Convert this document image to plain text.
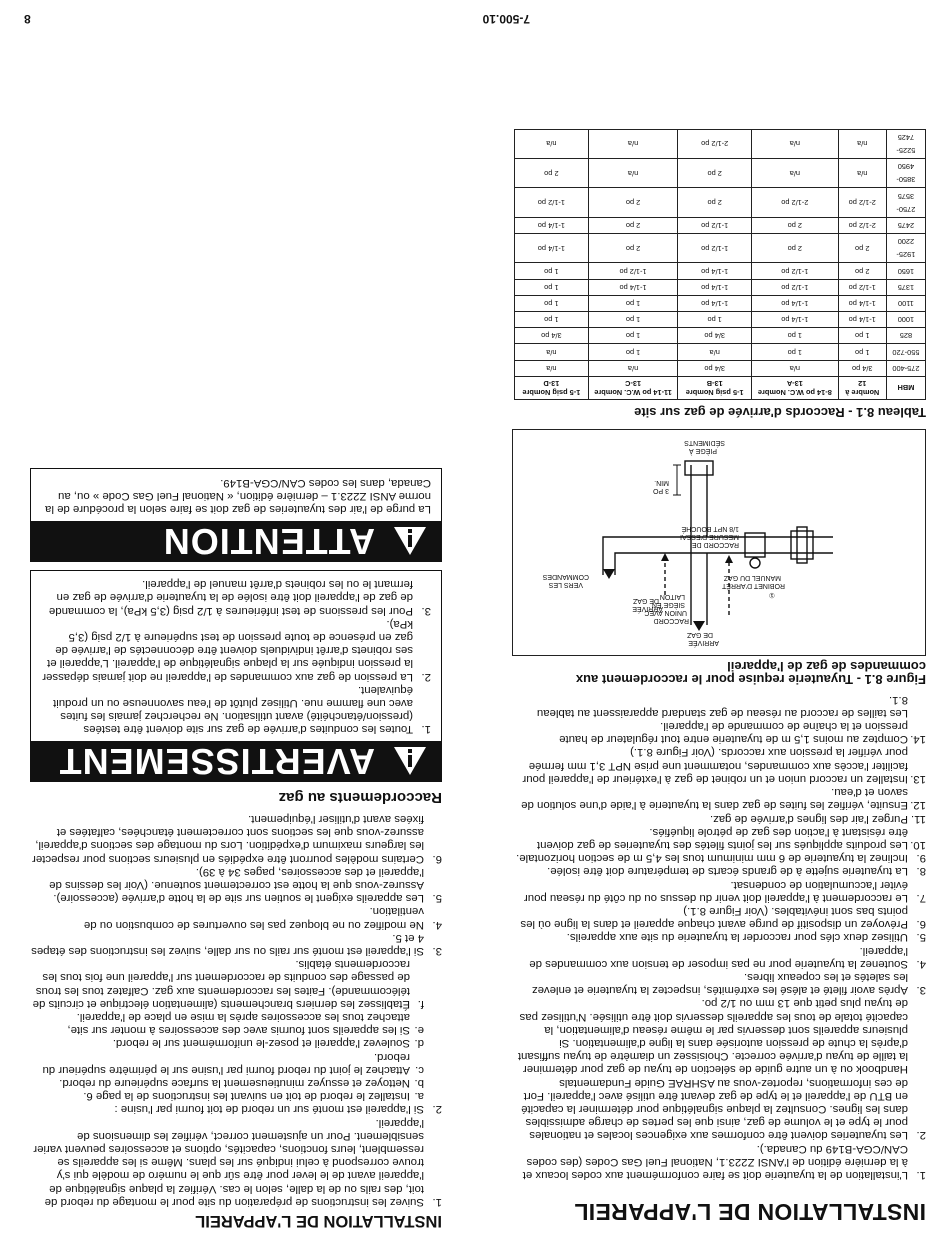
7-500.10
8
INSTALLATION DE L'APPAREIL
1.
L'installation de la tuyauterie doit se faire conformément aux codes locaux et à la dernière édition de l'ANSI Z223.1, National Fuel Gas Codes (des codes CAN/CGA-B149 du Canada.).
2.
Les tuyauteries doivent être conformes aux exigences locales et nationales pour le type et le volume de gaz, ainsi que les pertes de charge admissibles dans les lignes. Consultez la plaque signalétique pour déterminer la capacité en BTU de l'appareil et le type de gaz devant être utilisé avec l'appareil. Fort de ces informations, reportez-vous au ASHRAE Guide Fundamentals Handbook ou à un autre guide de sélection de tuyau de gaz pour déterminer la taille de tuyau d'arrivée correcte. Choisissez un diamètre de tuyau suffisant d'après la chute de pression autorisée dans la ligne d'alimentation. Si plusieurs appareils sont desservis par le même réseau d'alimentation, la capacité totale de tous les appareils desservis doit être utilisée. N'utilisez pas de tuyau plus petit que 13 mm ou 1/2 po.
3.
Après avoir fileté et alésé les extrémités, inspectez la tuyauterie et enlevez les saletés et les copeaux libres.
4.
Soutenez la tuyauterie pour ne pas imposer de tension aux commandes de l'appareil.
5.
Utilisez deux clés pour raccorder la tuyauterie du site aux appareils.
6.
Prévoyez un dispositif de purge avant chaque appareil et dans la ligne où les points bas sont inévitables. (Voir Figure 8.1.)
7.
Le raccordement à l'appareil doit venir du dessus ou du côté du réseau pour éviter l'accumulation de condensat.
8.
La tuyauterie sujette à de grands écarts de température doit être isolée.
9.
Inclinez la tuyauterie de 6 mm minimum tous les 4,5 m de section horizontale.
10.
Les produits appliqués sur les joints filetés des tuyauteries de gaz doivent être résistant à l'action des gaz de pétrole liquéfiés.
11.
Purgez l'air des lignes d'arrivée de gaz.
12.
Ensuite, vérifiez les fuites de gaz dans la tuyauterie à l'aide d'une solution de savon et d'eau.
13.
Installez un raccord union et un robinet de gaz à l'extérieur de l'appareil pour faciliter l'accès aux commandes, notamment une prise NPT 3,1 mm fermée pour vérifier la pression aux raccords. (Voir Figure 8.1.)
14.
Comptez au moins 1,5 m de tuyauterie entre tout régulateur de haute pression et la chaîne de commande de l'appareil.
Les tailles de raccord au réseau de gaz standard apparaissent au tableau 8.1.
Figure 8.1 - Tuyauterie requise pour le raccordement aux commandes de gaz de l'appareil
ARRIVÉEDE GAZ
ARRIVÉEDE GAZ
RACCORDUNION AVECSIÈGE ENLAITON	①ROBINET D'ARRÊTMANUEL DU GAZ
RACCORD DEMESURE D'ESSAI1/8 NPT BOUCHÉ
VERS LESCOMMANDES
3 POMIN.
PIÈGE ÀSÉDIMENTS
Tableau 8.1 - Raccords d'arrivée de gaz sur site
MBH	Nombre à 12	8-14 po W.C. Nombre 13-A	1-5 psig Nombre 13-B	11-14 po W.C. Nombre 13-C	1-5 psig Nombre 13-D
275-400	3/4 po	n/a	3/4 po	n/a	n/a
550-720	1 po	1 po	n/a	1 po	n/a
825	1 po	1 po	3/4 po	1 po	3/4 po
1000	1-1/4 po	1-1/4 po	1 po	1 po	1 po
1100	1-1/4 po	1-1/4 po	1-1/4 po	1 po	1 po
1375	1-1/2 po	1-1/2 po	1-1/4 po	1-1/4 po	1 po
1650	2 po	1-1/2 po	1-1/4 po	1-1/2 po	1 po
1925-2200	2 po	2 po	1-1/2 po	2 po	1-1/4 po
2475	2-1/2 po	2 po	1-1/2 po	2 po	1-1/4 po
2750-3575	2-1/2 po	2-1/2 po	2 po	2 po	1-1/2 po
3850-4950	n/a	n/a	2 po	n/a	2 po
5225-7425	n/a	n/a	2-1/2 po	n/a	n/a
INSTALLATION DE L'APPAREIL
1.
Suivez les instructions de préparation du site pour le montage du rebord de toit, des rails ou de la dalle, selon le cas. Vérifiez la plaque signalétique de l'appareil avant de le lever pour être sûr que le numéro de modèle qui s'y trouve correspond à celui indiqué sur les plans. Même si les appareils se ressemblent, leurs fonctions, capacités, options et accessoires peuvent varier sensiblement. Pour un ajustement correct, vérifiez les dimensions de l'appareil.
2.
Si l'appareil est monté sur un rebord de toit fourni par l'usine :
a.
Installez le rebord de toit en suivant les instructions de la page 6.
b.
Nettoyez et essuyez minutieusement la surface supérieure du rebord.
c.
Attachez le joint du rebord fourni par l'usine sur le périmètre supérieur du rebord.
d.
Soulevez l'appareil et posez-le uniformément sur le rebord.
e.
Si les appareils sont fournis avec des accessoires à monter sur site, attachez tous les accessoires après la mise en place de l'appareil.
f.
Établissez les derniers branchements (alimentation électrique et circuits de télécommande). Faites les raccordements aux gaz. Calfatez tous les trous de passage des conduits de raccordement sur l'appareil une fois tous les raccordements établis.
3.
Si l'appareil est monté sur rails ou sur dalle, suivez les instructions des étapes 4 et 5.
4.
Ne modifiez ou ne bloquez pas les ouvertures de combustion ou de ventilation.
5.
Les appareils exigent le soutien sur site de la hotte d'arrivée (accessoire). Assurez-vous que la hotte est correctement soutenue. (Voir les dessins de l'appareil et des accessoires, pages 34 à 39).
6.
Certains modèles pourront être expédiés en plusieurs sections pour respecter les largeurs maximum d'expédition. Lors du montage des sections d'appareil, assurez-vous que les sections sont correctement étanchées, calfatées et fixées avant d'utiliser l'équipement.
Raccordements au gaz
AVERTISSEMENT
1.
Toutes les conduites d'arrivée de gaz sur site doivent être testées (pression/étanchéité) avant utilisation. Ne recherchez jamais les fuites avec une flamme nue. Utilisez plutôt de l'eau savonneuse ou un produit équivalent.
2.
La pression de gaz aux commandes de l'appareil ne doit jamais dépasser la pression indiquée sur la plaque signalétique de l'appareil. L'appareil et ses robinets d'arrêt individuels doivent être déconnectés de l'arrivée de gaz en présence de toute pression de test supérieure à 1/2 psig (3,5 kPa).
3.
Pour les pressions de test inférieures à 1/2 psig (3,5 kPa), la commande de gaz de l'appareil doit être isolée de la tuyauterie d'arrivée de gaz en fermant le ou les robinets d'arrêt manuel de l'appareil.
ATTENTION
La purge de l'air des tuyauteries de gaz doit se faire selon la procédure de la norme ANSI Z223.1 – dernière édition, « National Fuel Gas Code » ou, au Canada, dans les codes CAN/CGA-B149.
